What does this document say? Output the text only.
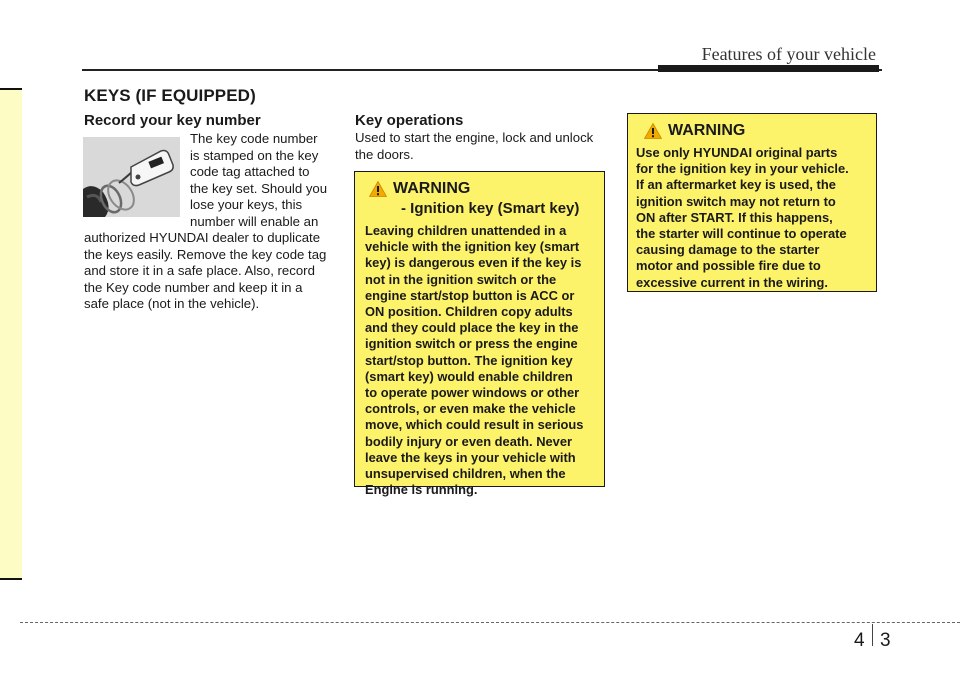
Features of your vehicle
KEYS (IF EQUIPPED)
Record your key number
The key code number
is stamped on the key
code tag attached to
the key set. Should you
lose your keys, this
number will enable an
authorized HYUNDAI dealer to duplicate
the keys easily. Remove the key code tag
and store it in a safe place. Also, record
the Key code number and keep it in a
safe place (not in the vehicle).
Key operations
Used to start the engine, lock and unlock
the doors.
WARNING
- Ignition key (Smart key)
Leaving children unattended in a
vehicle with the ignition key (smart
key) is dangerous even if the key is
not in the ignition switch or the
engine start/stop button is ACC or
ON position. Children copy adults
and they could place the key in the
ignition switch or press the engine
start/stop button. The ignition key
(smart key) would enable children
to operate power windows or other
controls, or even make the vehicle
move, which could result in serious
bodily injury or even death. Never
leave the keys in your vehicle with
unsupervised children, when the
Engine is running.
WARNING
Use only HYUNDAI original parts
for the ignition key in your vehicle.
If an aftermarket key is used, the
ignition switch may not return to
ON after START. If this happens,
the starter will continue to operate
causing damage to the starter
motor and possible fire due to
excessive current in the wiring.
4 3
